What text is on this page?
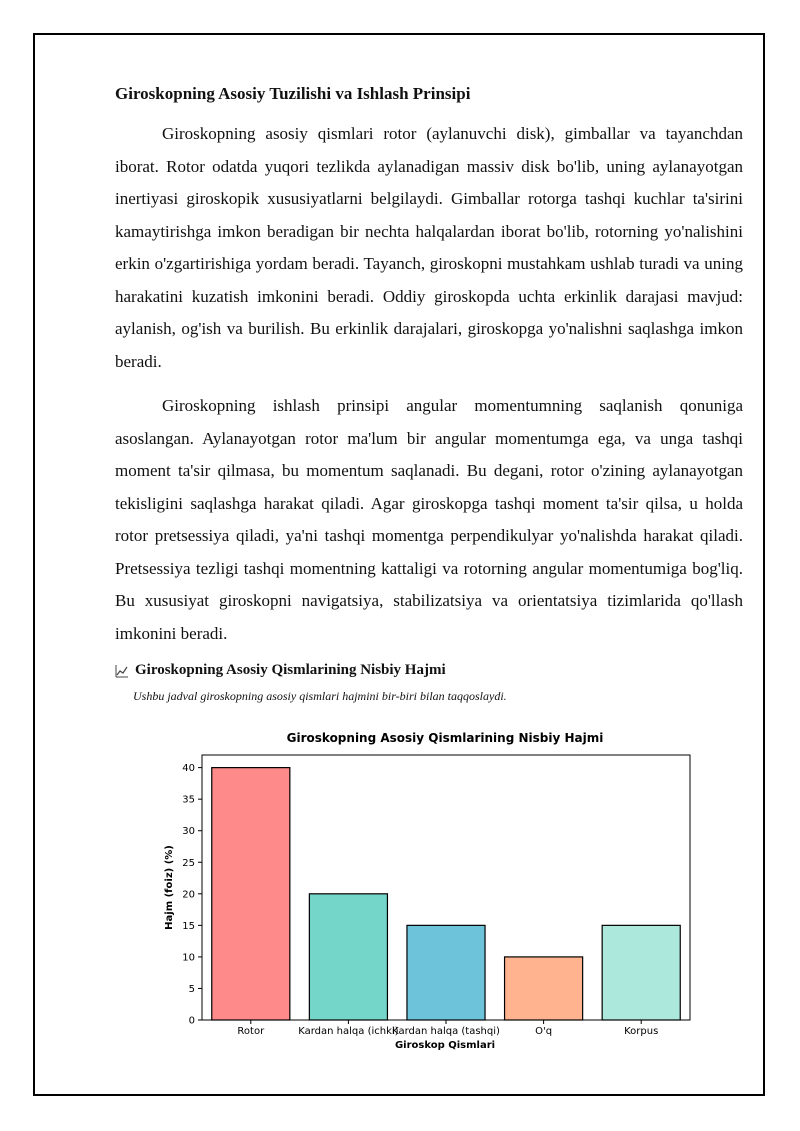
Giroskopning Asosiy Tuzilishi va Ishlash Prinsipi

Giroskopning asosiy qismlari rotor (aylanuvchi disk), gimballar va tayanchdan iborat. Rotor odatda yuqori tezlikda aylanadigan massiv disk bo'lib, uning aylanayotgan inertiyasi giroskopik xususiyatlarni belgilaydi. Gimballar rotorga tashqi kuchlar ta'sirini kamaytirishga imkon beradigan bir nechta halqalardan iborat bo'lib, rotorning yo'nalishini erkin o'zgartirishiga yordam beradi. Tayanch, giroskopni mustahkam ushlab turadi va uning harakatini kuzatish imkonini beradi. Oddiy giroskopda uchta erkinlik darajasi mavjud: aylanish, og'ish va burilish. Bu erkinlik darajalari, giroskopga yo'nalishni saqlashga imkon beradi.

Giroskopning ishlash prinsipi angular momentumning saqlanish qonuniga asoslangan. Aylanayotgan rotor ma'lum bir angular momentumga ega, va unga tashqi moment ta'sir qilmasa, bu momentum saqlanadi. Bu degani, rotor o'zining aylanayotgan tekisligini saqlashga harakat qiladi. Agar giroskopga tashqi moment ta'sir qilsa, u holda rotor pretsessiya qiladi, ya'ni tashqi momentga perpendikulyar yo'nalishda harakat qiladi. Pretsessiya tezligi tashqi momentning kattaligi va rotorning angular momentumiga bog'liq. Bu xususiyat giroskopni navigatsiya, stabilizatsiya va orientatsiya tizimlarida qo'llash imkonini beradi.

Giroskopning Asosiy Qismlarining Nisbiy Hajmi
Ushbu jadval giroskopning asosiy qismlari hajmini bir-biri bilan taqqoslaydi.
Giroskopning Asosiy Qismlarining Nisbiy Hajmi
Hajm (foiz) (%)
Giroskop Qismlari
0
5
10
15
20
25
30
35
40
Rotor	Kardan halqa (ichki)
Kardan halqa (tashqi)	O'q	Korpus
